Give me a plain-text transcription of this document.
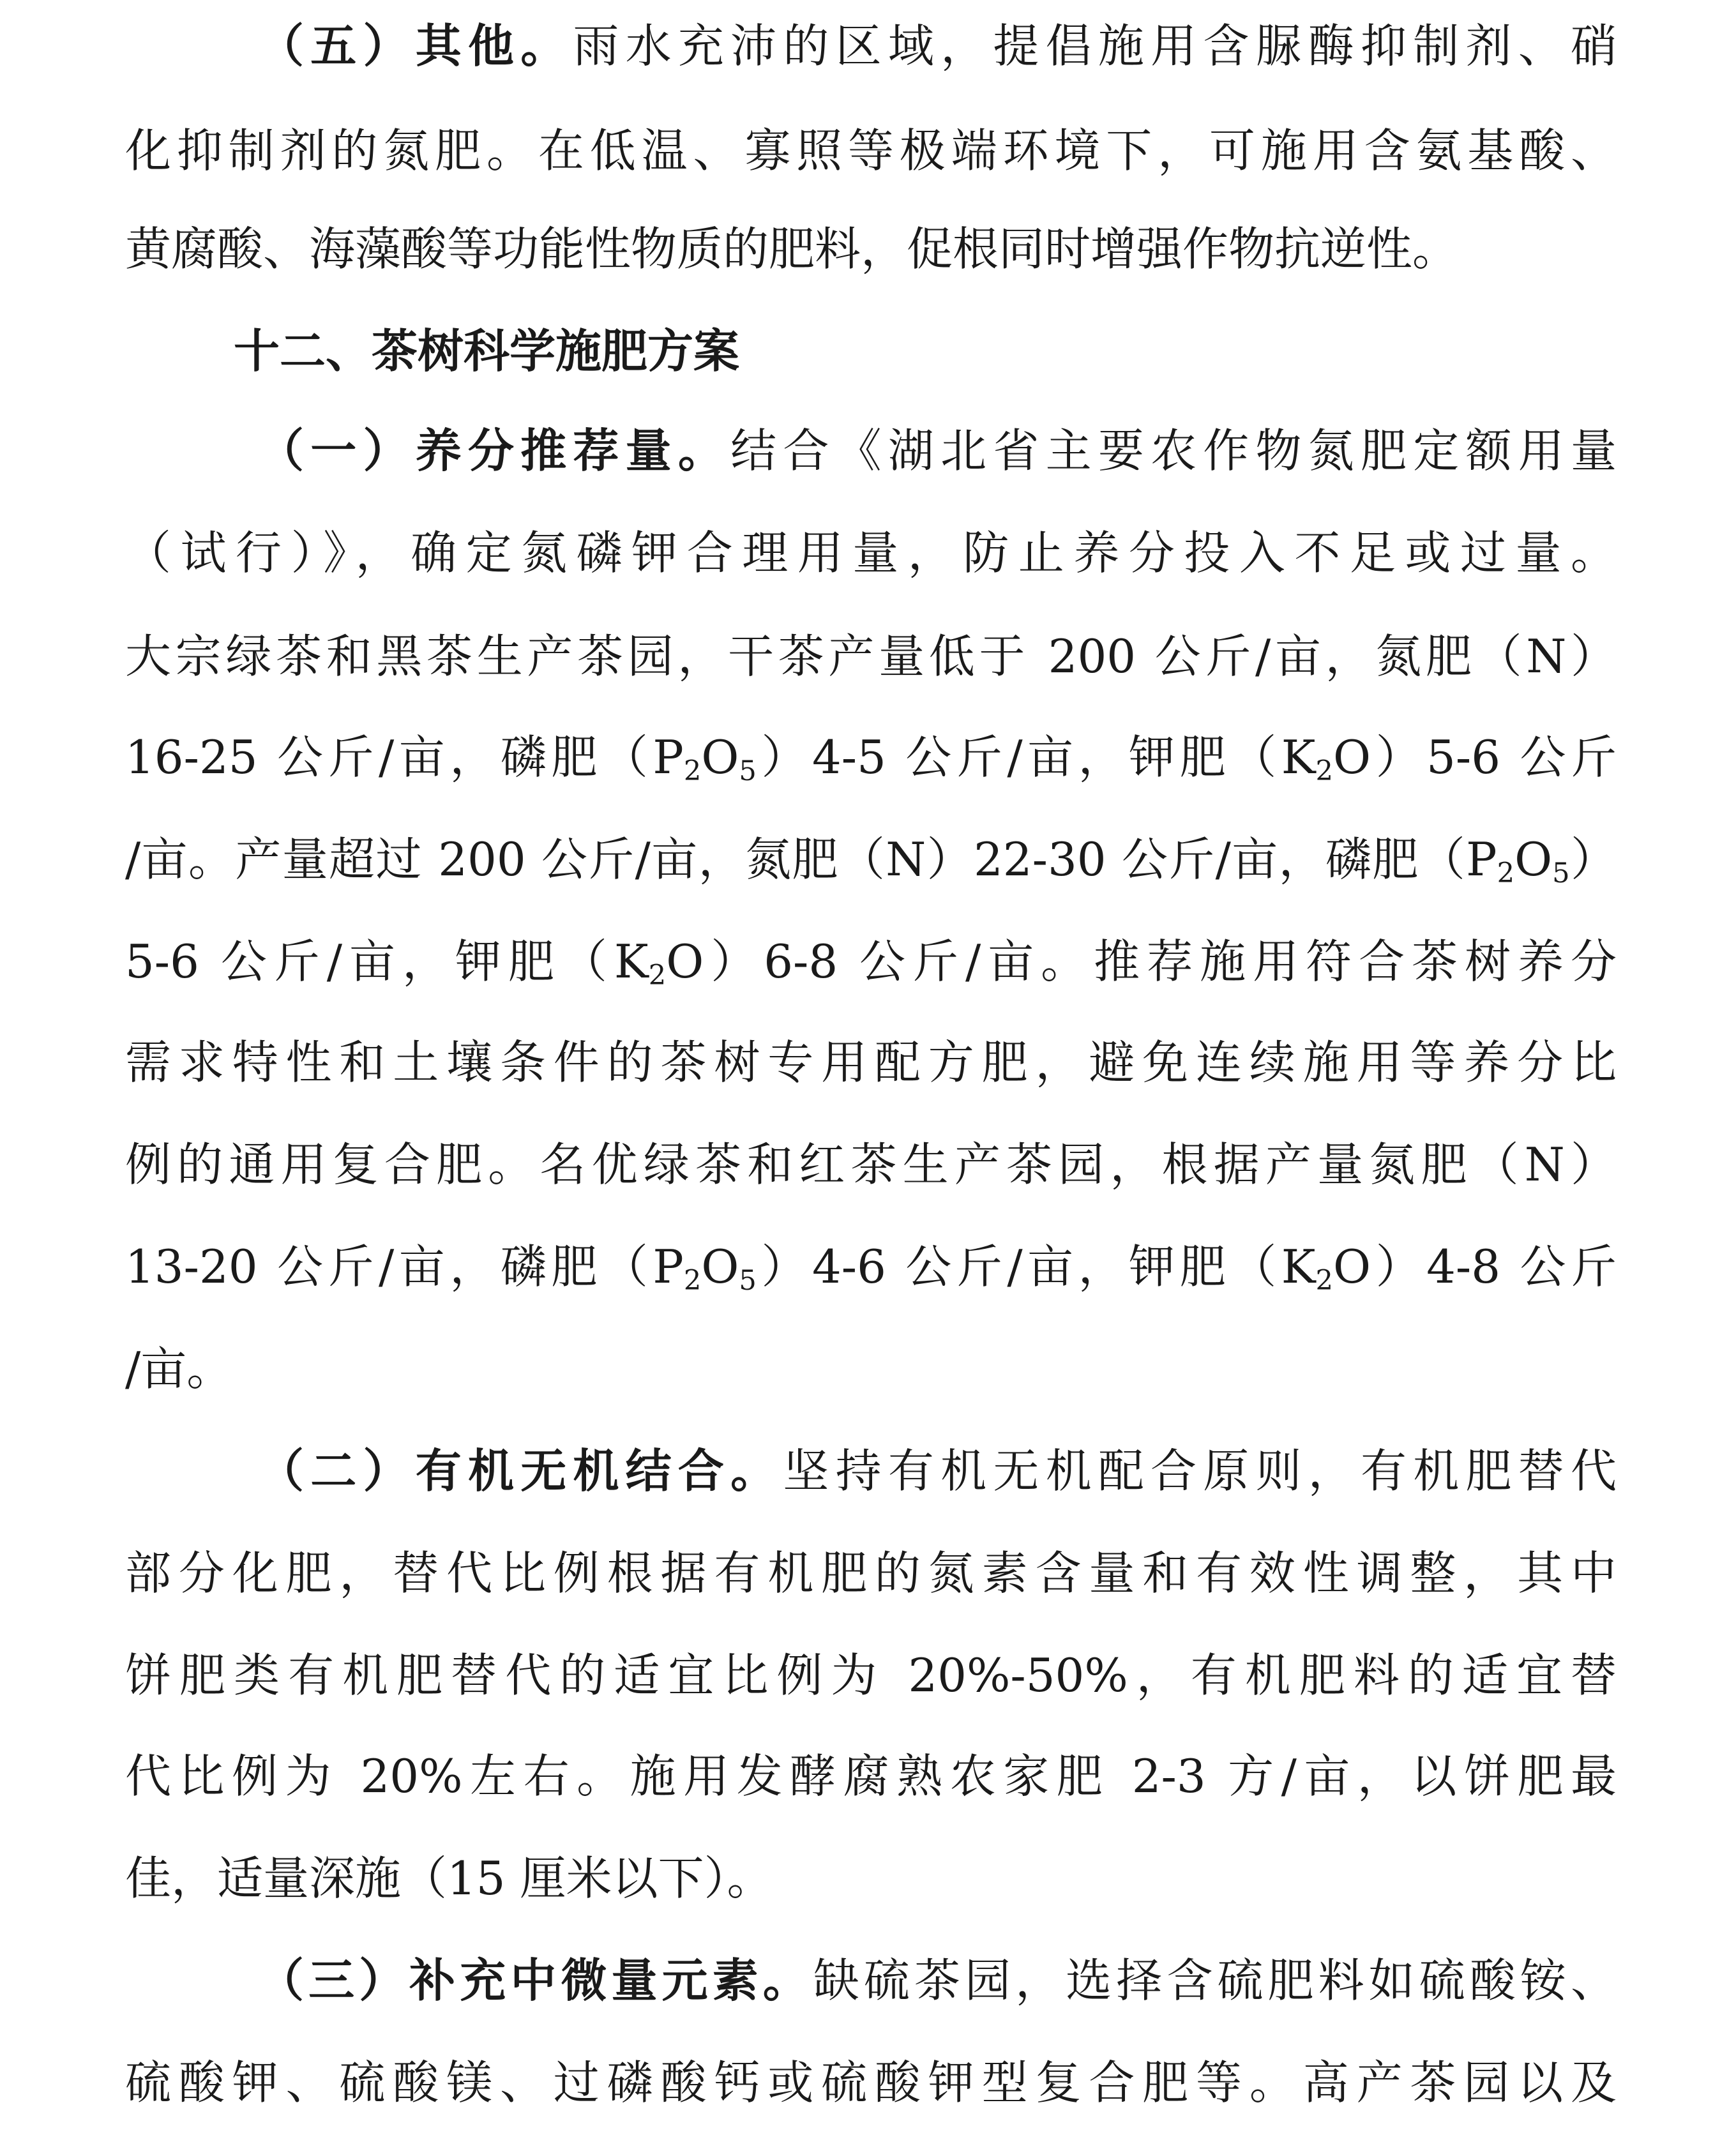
（五）其他。雨水充沛的区域，提倡施用含脲酶抑制剂、硝
化抑制剂的氮肥。在低温、寡照等极端环境下，可施用含氨基酸、
黄腐酸、海藻酸等功能性物质的肥料，促根同时增强作物抗逆性。
十二、茶树科学施肥方案
（一）养分推荐量。结合《湖北省主要农作物氮肥定额用量
（试行）》，确定氮磷钾合理用量，防止养分投入不足或过量。
大宗绿茶和黑茶生产茶园，干茶产量低于 200 公斤/亩，氮肥（N）
16-25 公斤/亩，磷肥$(P_2O_5)4-5$ 公斤/亩，钾肥$(K_2O)5-6$ 公斤
/亩。产量超过 200 公斤/亩，氮肥（N）22-30 公斤/亩，磷肥$(P_2O_5)$
5-6 公斤/亩，钾肥$(K_2O)6-8$ 公斤/亩。推荐施用符合茶树养分
需求特性和土壤条件的茶树专用配方肥，避免连续施用等养分比
例的通用复合肥。名优绿茶和红茶生产茶园，根据产量氮肥（N）
13-20 公斤/亩，磷肥$(P_2O_5)4-6$ 公斤/亩，钾肥$(K_2O)4-8$ 公斤
/亩。
（二）有机无机结合。坚持有机无机配合原则，有机肥替代
部分化肥，替代比例根据有机肥的氮素含量和有效性调整，其中
饼肥类有机肥替代的适宜比例为 20%-50%，有机肥料的适宜替
代比例为 20%左右。施用发酵腐熟农家肥 2-3 方/亩，以饼肥最
佳，适量深施（15 厘米以下）。
（三）补充中微量元素。缺硫茶园，选择含硫肥料如硫酸铵、
硫酸钾、硫酸镁、过磷酸钙或硫酸钾型复合肥等。高产茶园以及
